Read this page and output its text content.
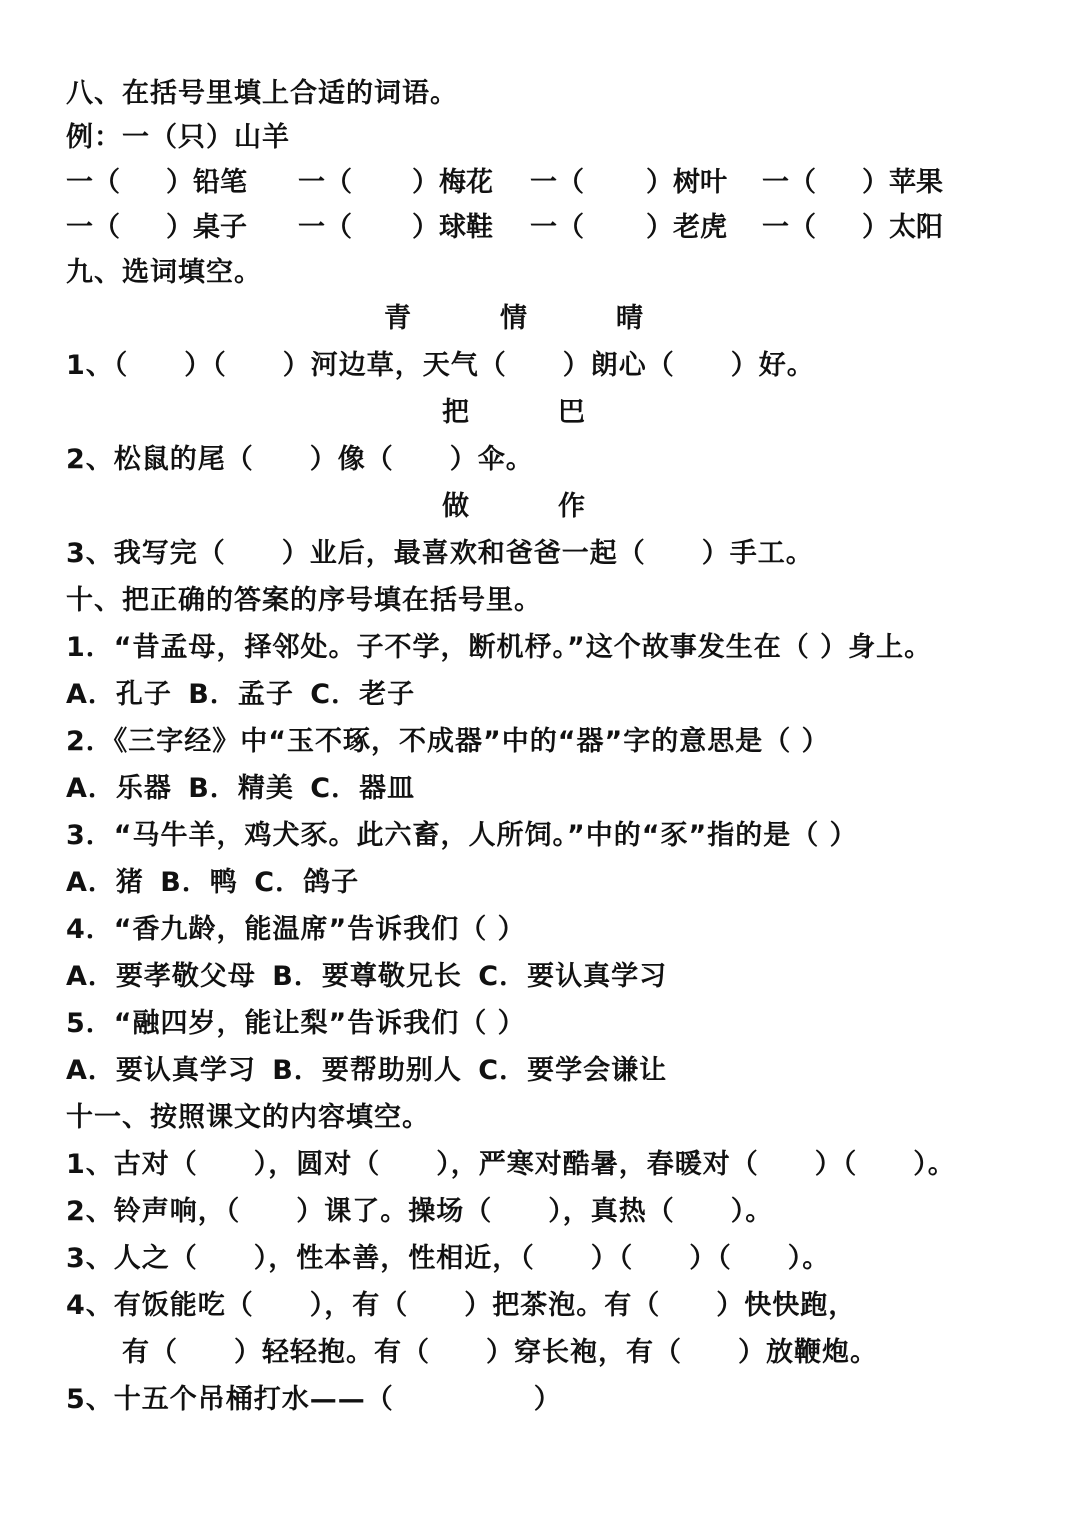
八、在括号里填上合适的词语。
例：一（只）山羊
一（ ）铅笔 一（ ）梅花 一（ ）树叶 一（ ）苹果
一（ ）桌子 一（ ）球鞋 一（ ）老虎 一（ ）太阳
九、选词填空。
青	情	晴
1、（　　）（　　）河边草，天气（　　）朗心（　　）好。
把	巴
2、松鼠的尾（　　）像（　　）伞。
做	作
3、我写完（　　）业后，最喜欢和爸爸一起（　　）手工。
十、把正确的答案的序号填在括号里。
1．“昔孟母，择邻处。子不学，断机杼。”这个故事发生在（ ）身上。
A．孔子 B．孟子 C．老子
2．《三字经》中“玉不琢，不成器”中的“器”字的意思是（ ）
A．乐器 B．精美 C．器皿
3．“马牛羊，鸡犬豕。此六畜，人所饲。”中的“豕”指的是（ ）
A．猪 B．鸭 C．鸽子
4．“香九龄，能温席”告诉我们（ ）
A．要孝敬父母 B．要尊敬兄长 C．要认真学习
5．“融四岁，能让梨”告诉我们（ ）
A．要认真学习 B．要帮助别人 C．要学会谦让
十一、按照课文的内容填空。
1、古对（　　），圆对（　　），严寒对酷暑，春暖对（　　）（　　）。
2、铃声响，（　　）课了。操场（　　），真热（　　）。
3、人之（　　），性本善，性相近，（　　）（　　）（　　）。
4、有饭能吃（　　），有（　　）把茶泡。有（　　）快快跑，
有（　　）轻轻抱。有（　　）穿长袍，有（　　）放鞭炮。
5、十五个吊桶打水——（　　　　　）
